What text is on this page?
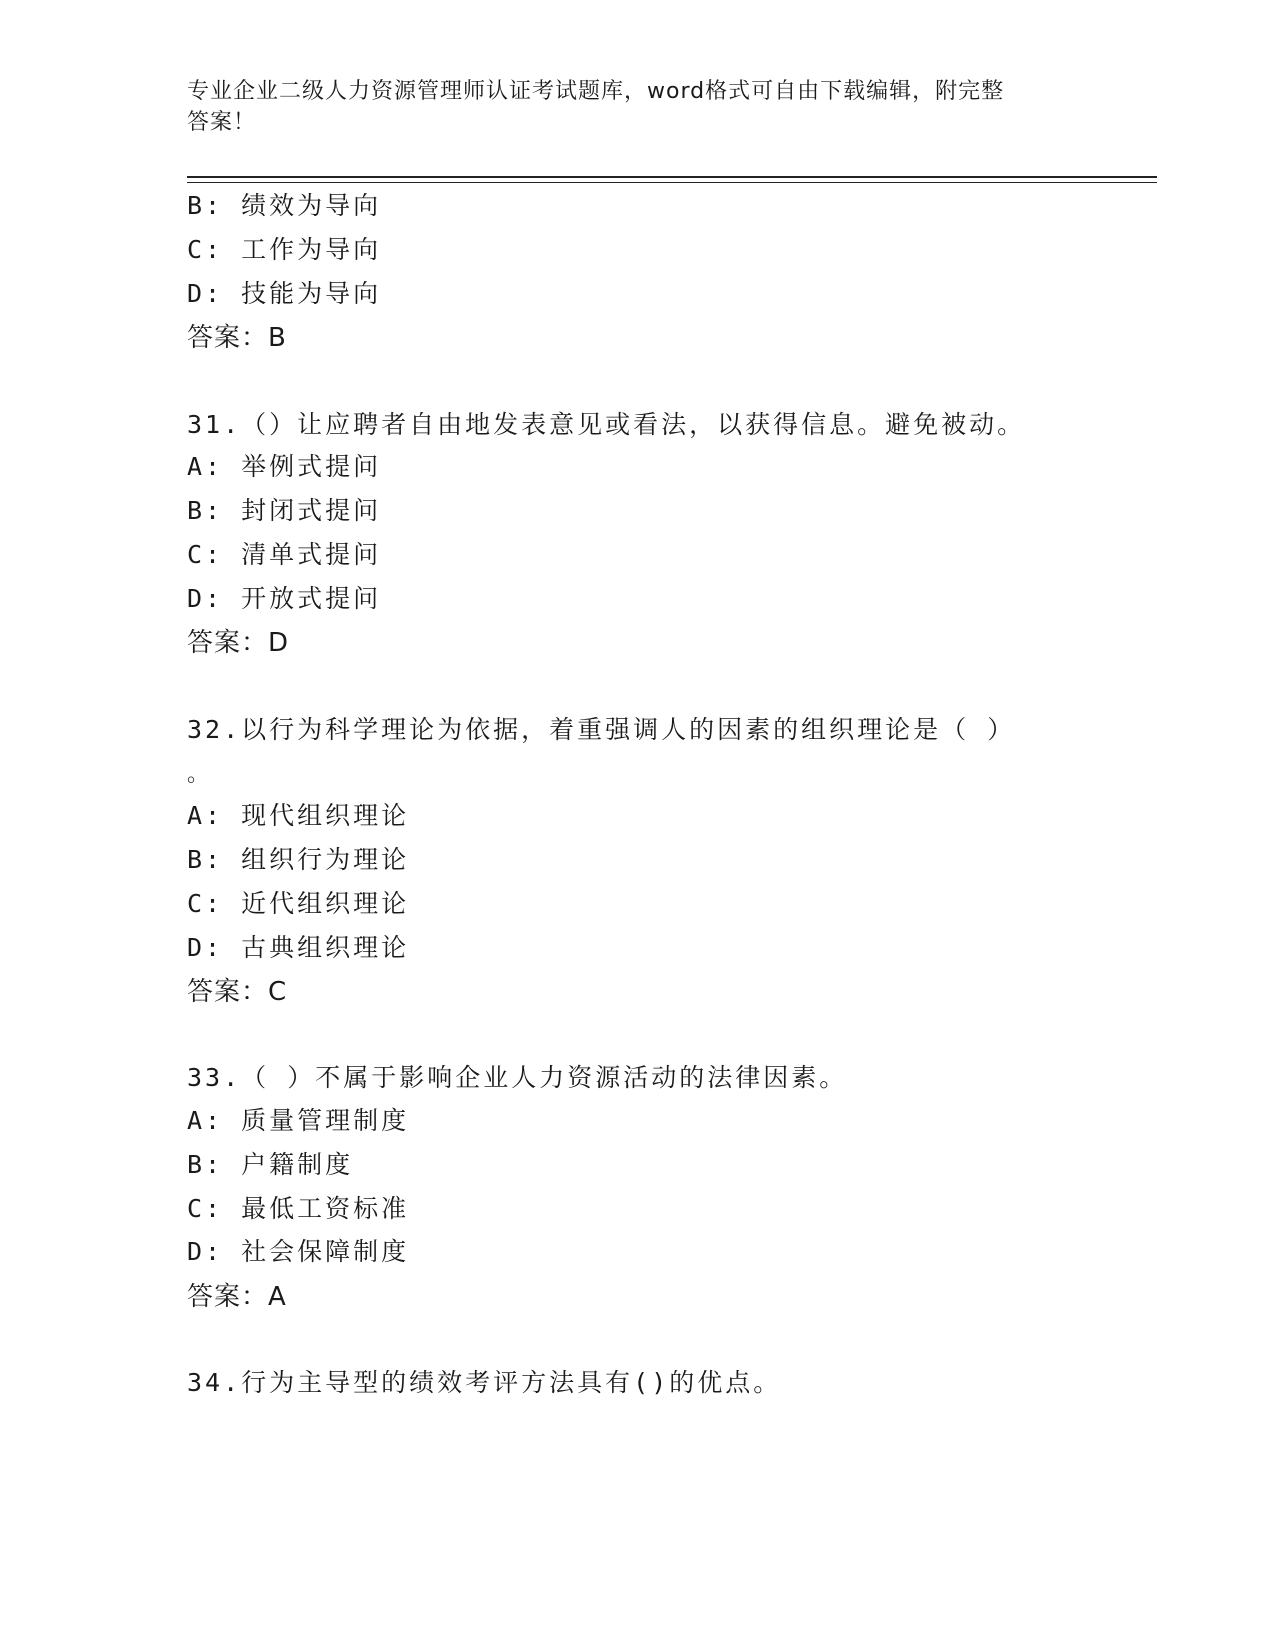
专业企业二级人力资源管理师认证考试题库，word格式可自由下载编辑，附完整
答案！
B: 绩效为导向
C: 工作为导向
D: 技能为导向
答案：B
31.（）让应聘者自由地发表意见或看法，以获得信息。避免被动。
A: 举例式提问
B: 封闭式提问
C: 清单式提问
D: 开放式提问
答案：D
32.以行为科学理论为依据，着重强调人的因素的组织理论是（ ）
。
A: 现代组织理论
B: 组织行为理论
C: 近代组织理论
D: 古典组织理论
答案：C
33.（ ）不属于影响企业人力资源活动的法律因素。
A: 质量管理制度
B: 户籍制度
C: 最低工资标准
D: 社会保障制度
答案：A
34.行为主导型的绩效考评方法具有()的优点。
